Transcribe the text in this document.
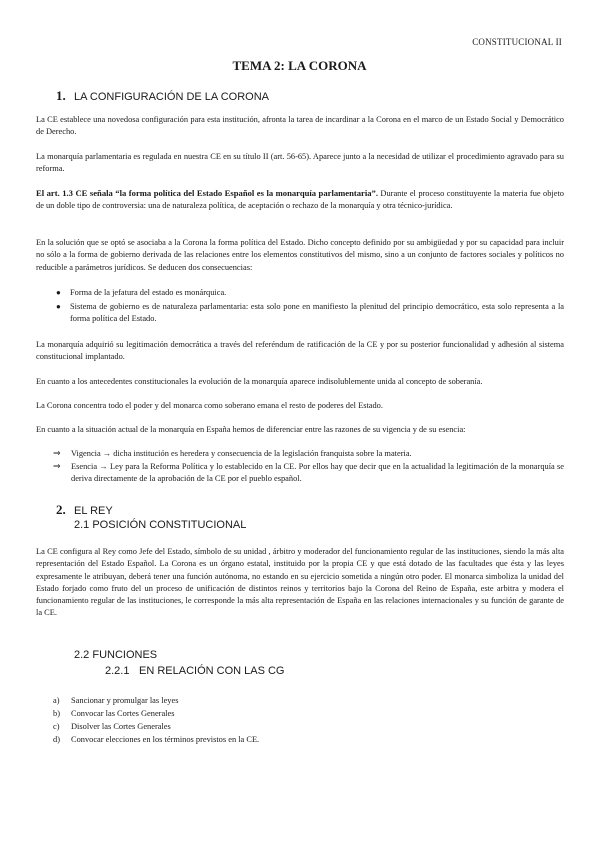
CONSTITUCIONAL II
TEMA 2: LA CORONA
1. LA CONFIGURACIÓN DE LA CORONA

La CE establece una novedosa configuración para esta institución, afronta la tarea de incardinar a la Corona en el marco de un Estado Social y Democrático de Derecho.

La monarquía parlamentaria es regulada en nuestra CE en su título II (art. 56-65). Aparece junto a la necesidad de utilizar el procedimiento agravado para su reforma.

El art. 1.3 CE señala “la forma política del Estado Español es la monarquía parlamentaria”. Durante el proceso constituyente la materia fue objeto de un doble tipo de controversia: una de naturaleza política, de aceptación o rechazo de la monarquía y otra técnico-jurídica.

En la solución que se optó se asociaba a la Corona la forma política del Estado. Dicho concepto definido por su ambigüedad y por su capacidad para incluir no sólo a la forma de gobierno derivada de las relaciones entre los elementos constitutivos del mismo, sino a un conjunto de factores sociales y políticos no reducible a parámetros jurídicos. Se deducen dos consecuencias:

● Forma de la jefatura del estado es monárquica.

● Sistema de gobierno es de naturaleza parlamentaria: esta solo pone en manifiesto la plenitud del principio democrático, esta solo representa a la forma política del Estado.

La monarquía adquirió su legitimación democrática a través del referéndum de ratificación de la CE y por su posterior funcionalidad y adhesión al sistema constitucional implantado.

En cuanto a los antecedentes constitucionales la evolución de la monarquía aparece indisolublemente unida al concepto de soberanía.

La Corona concentra todo el poder y del monarca como soberano emana el resto de poderes del Estado.

En cuanto a la situación actual de la monarquía en España hemos de diferenciar entre las razones de su vigencia y de su esencia:

⇒ Vigencia → dicha institución es heredera y consecuencia de la legislación franquista sobre la materia.

⇒ Esencia → Ley para la Reforma Política y lo establecido en la CE. Por ellos hay que decir que en la actualidad la legitimación de la monarquía se deriva directamente de la aprobación de la CE por el pueblo español.

2. EL REY
2.1 POSICIÓN CONSTITUCIONAL

La CE configura al Rey como Jefe del Estado, símbolo de su unidad , árbitro y moderador del funcionamiento regular de las instituciones, siendo la más alta representación del Estado Español. La Corona es un órgano estatal, instituido por la propia CE y que está dotado de las facultades que ésta y las leyes expresamente le atribuyan, deberá tener una función autónoma, no estando en su ejercicio sometida a ningún otro poder. El monarca simboliza la unidad del Estado forjado como fruto del un proceso de unificación de distintos reinos y territorios bajo la Corona del Reino de España, este arbitra y modera el funcionamiento regular de las instituciones, le corresponde la más alta representación de España en las relaciones internacionales y su función de garante de la CE.

2.2 FUNCIONES
2.2.1 EN RELACIÓN CON LAS CG
a)	Sancionar y promulgar las leyes
b)	Convocar las Cortes Generales
c)	Disolver las Cortes Generales
d)	Convocar elecciones en los términos previstos en la CE.
